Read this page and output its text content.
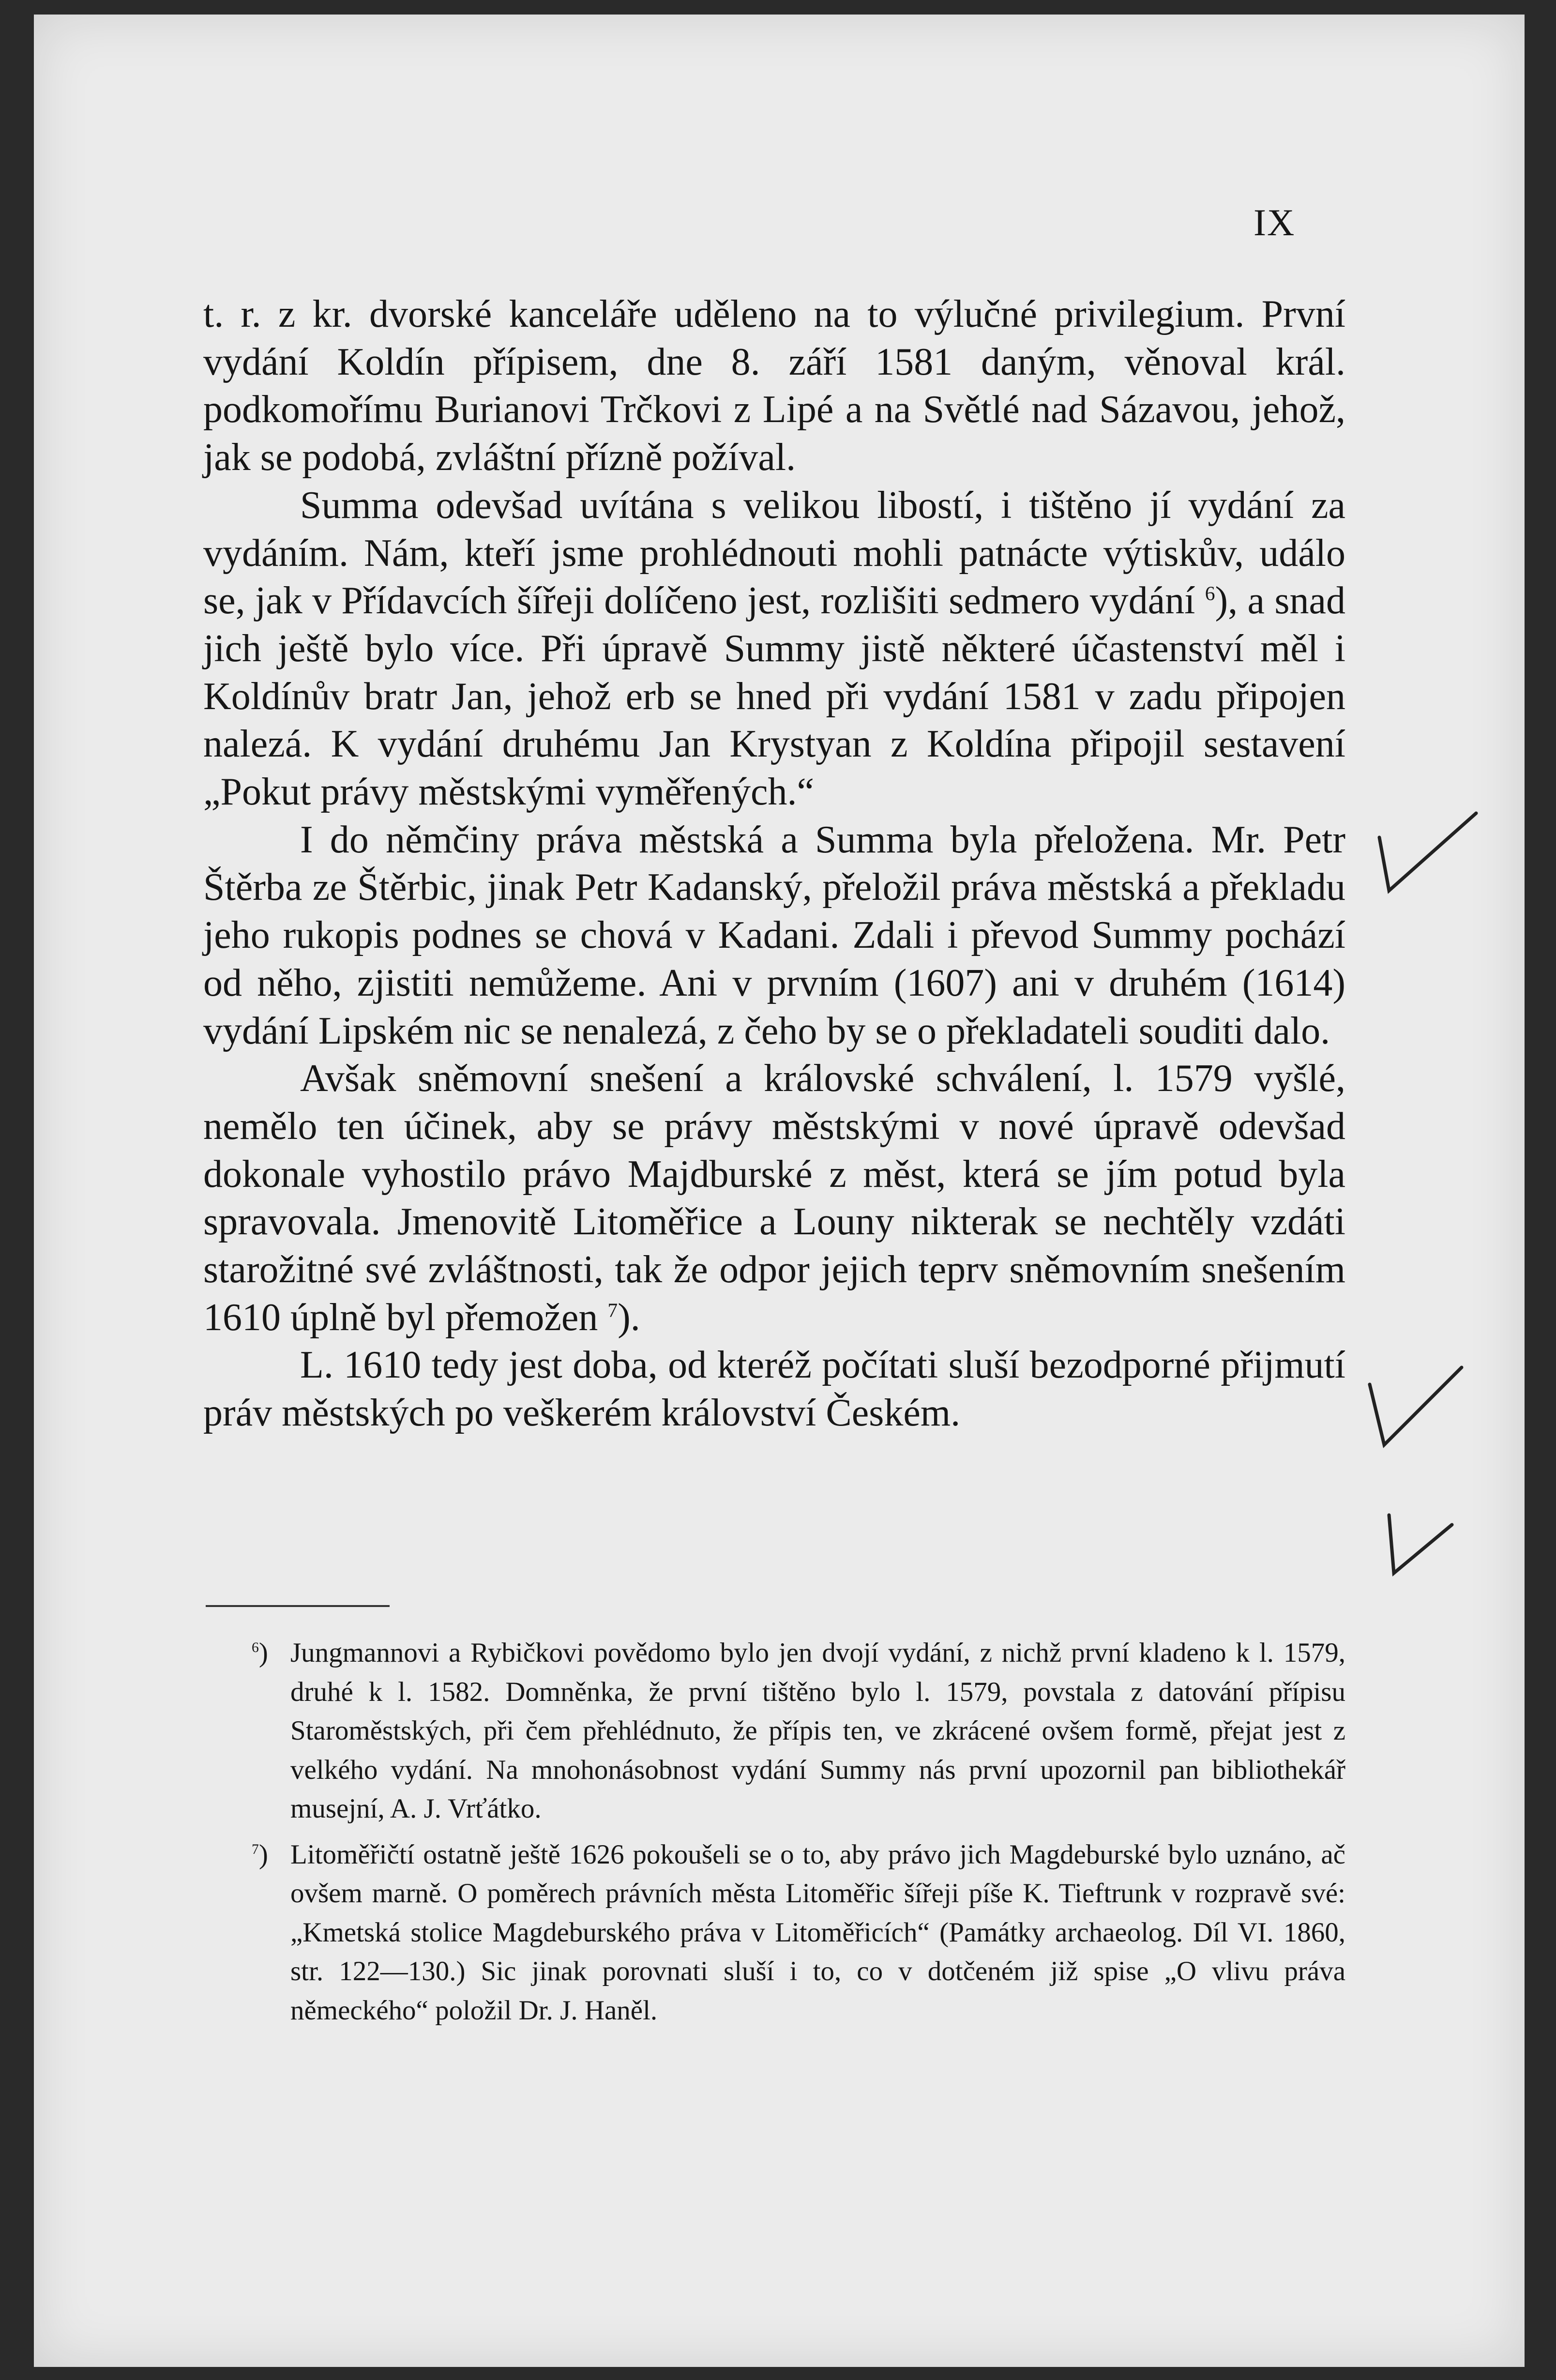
IX

t. r. z kr. dvorské kanceláře uděleno na to výlučné privilegium. První vydání Koldín přípisem, dne 8. září 1581 daným, věnoval král. podkomořímu Burianovi Trčkovi z Lipé a na Světlé nad Sázavou, jehož, jak se podobá, zvláštní přízně požíval.

Summa odevšad uvítána s velikou libostí, i tištěno jí vydání za vydáním. Nám, kteří jsme prohlédnouti mohli patnácte výtiskův, událo se, jak v Přídavcích šířeji dolíčeno jest, rozlišiti sedmero vydání $^6$), a snad jich ještě bylo více. Při úpravě Summy jistě některé účastenství měl i Koldínův bratr Jan, jehož erb se hned při vydání 1581 v zadu připojen nalezá. K vydání druhému Jan Krystyan z Koldína připojil sestavení „Pokut právy městskými vyměřených.“

I do němčiny práva městská a Summa byla přeložena. Mr. Petr Štěrba ze Štěrbic, jinak Petr Kadanský, přeložil práva městská a překladu jeho rukopis podnes se chová v Kadani. Zdali i převod Summy pochází od něho, zjistiti nemůžeme. Ani v prvním (1607) ani v druhém (1614) vydání Lipském nic se nenalezá, z čeho by se o překladateli souditi dalo.

Avšak sněmovní snešení a královské schválení, l. 1579 vyšlé, nemělo ten účinek, aby se právy městskými v nové úpravě odevšad dokonale vyhostilo právo Majdburské z měst, která se jím potud byla spravovala. Jmenovitě Litoměřice a Louny nikterak se nechtěly vzdáti starožitné své zvláštnosti, tak že odpor jejich teprv sněmovním snešením 1610 úplně byl přemožen $^7$).

L. 1610 tedy jest doba, od kteréž počítati sluší bezodporné přijmutí práv městských po veškerém království Českém.

$^6$) Jungmannovi a Rybičkovi povědomo bylo jen dvojí vydání, z nichž první kladeno k l. 1579, druhé k l. 1582. Domněnka, že první tištěno bylo l. 1579, povstala z datování přípisu Staroměstských, při čem přehlédnuto, že přípis ten, ve zkrácené ovšem formě, přejat jest z velkého vydání. Na mnohonásobnost vydání Summy nás první upozornil pan bibliothekář musejní, A. J. Vrťátko.
$^7$) Litoměřičtí ostatně ještě 1626 pokoušeli se o to, aby právo jich Magdeburské bylo uznáno, ač ovšem marně. O poměrech právních města Litoměřic šířeji píše K. Tieftrunk v rozpravě své: „Kmetská stolice Magdeburského práva v Litoměřicích“ (Památky archaeolog. Díl VI. 1860, str. 122—130.) Sic jinak porovnati sluší i to, co v dotčeném již spise „O vlivu práva německého“ položil Dr. J. Haněl.
